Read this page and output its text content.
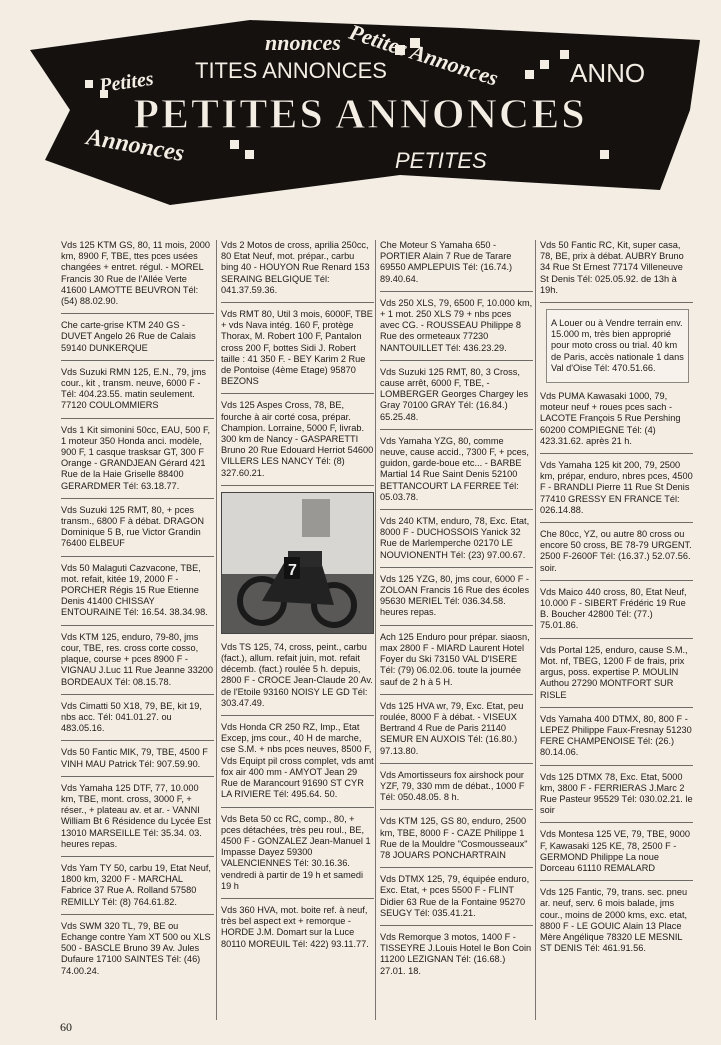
nnonces Petites Annonces
Petites TITES ANNONCES	ANNO
Annonces	PETITES
PETITES ANNONCES

Vds 125 KTM GS, 80, 11 mois, 2000 km, 8900 F, TBE, ttes pces usées changées + entret. régul. - MOREL Francis 30 Rue de l'Allée Verte 41600 LAMOTTE BEUVRON Tél: (54) 88.02.90.

Che carte-grise KTM 240 GS - DUVET Angelo 26 Rue de Calais 59140 DUNKERQUE

Vds Suzuki RMN 125, E.N., 79, jms cour., kit , transm. neuve, 6000 F - Tél: 404.23.55. matin seulement. 77120 COULOMMIERS

Vds 1 Kit simonini 50cc, EAU, 500 F, 1 moteur 350 Honda anci. modèle, 900 F, 1 casque trasksar GT, 300 F Orange - GRANDJEAN Gérard 421 Rue de la Haie Griselle 88400 GERARDMER Tél: 63.18.77.

Vds Suzuki 125 RMT, 80, + pces transm., 6800 F à débat. DRAGON Dominique 5 B, rue Victor Grandin 76400 ELBEUF

Vds 50 Malaguti Cazvacone, TBE, mot. refait, kitée 19, 2000 F - PORCHER Régis 15 Rue Etienne Denis 41400 CHISSAY ENTOURAINE Tél: 16.54. 38.34.98.

Vds KTM 125, enduro, 79-80, jms cour, TBE, res. cross corte cosso, plaque, course + pces 8900 F - VIGNAU J.Luc 11 Rue Jeanne 33200 BORDEAUX Tél: 08.15.78.

Vds Cimatti 50 X18, 79, BE, kit 19, nbs acc. Tél: 041.01.27. ou 483.05.16.

Vds 50 Fantic MIK, 79, TBE, 4500 F VINH MAU Patrick Tél: 907.59.90.

Vds Yamaha 125 DTF, 77, 10.000 km, TBE, mont. cross, 3000 F, + réser., + plateau av. et ar. - VANNI William Bt 6 Résidence du Lycée Est 13010 MARSEILLE Tél: 35.34. 03. heures repas.

Vds Yam TY 50, carbu 19, Etat Neuf, 1800 km, 3200 F - MARCHAL Fabrice 37 Rue A. Rolland 57580 REMILLY Tél: (8) 764.61.82.

Vds SWM 320 TL, 79, BE ou Echange contre Yam XT 500 ou XLS 500 - BASCLE Bruno 39 Av. Jules Dufaure 17100 SAINTES Tél: (46) 74.00.24.

Vds 2 Motos de cross, aprilia 250cc, 80 Etat Neuf, mot. prépar., carbu bing 40 - HOUYON Rue Renard 153 SERAING BELGIQUE Tél: 041.37.59.36.

Vds RMT 80, Util 3 mois, 6000F, TBE + vds Nava intég. 160 F, protège Thorax, M. Robert 100 F, Pantalon cross 200 F, bottes Sidi J. Robert taille : 41 350 F. - BEY Karim 2 Rue de Pontoise (4ème Etage) 95870 BEZONS

Vds 125 Aspes Cross, 78, BE, fourche à air corté cosa, prépar. Champion. Lorraine, 5000 F, livrab. 300 km de Nancy - GASPARETTI Bruno 20 Rue Edouard Herriot 54600 VILLERS LES NANCY Tél: (8) 327.60.21.

7

Vds TS 125, 74, cross, peint., carbu (fact.), allum. refait juin, mot. refait décemb. (fact.) roulée 5 h. depuis, 2800 F - CROCE Jean-Claude 20 Av. de l'Etoile 93160 NOISY LE GD Tél: 303.47.49.

Vds Honda CR 250 RZ, Imp., Etat Excep, jms cour., 40 H de marche, cse S.M. + nbs pces neuves, 8500 F, Vds Equipt pil cross complet, vds amt fox air 400 mm - AMYOT Jean 29 Rue de Marancourt 91690 ST CYR LA RIVIERE Tél: 495.64. 50.

Vds Beta 50 cc RC, comp., 80, + pces détachées, très peu roul., BE, 4500 F - GONZALEZ Jean-Manuel 1 Impasse Dayez 59300 VALENCIENNES Tél: 30.16.36. vendredi à partir de 19 h et samedi 19 h

Vds 360 HVA, mot. boite ref. à neuf, très bel aspect ext + remorque - HORDE J.M. Domart sur la Luce 80110 MOREUIL Tél: 422) 93.11.77.

Che Moteur S Yamaha 650 - PORTIER Alain 7 Rue de Tarare 69550 AMPLEPUIS Tél: (16.74.) 89.40.64.

Vds 250 XLS, 79, 6500 F, 10.000 km, + 1 mot. 250 XLS 79 + nbs pces avec CG. - ROUSSEAU Philippe 8 Rue des ormeteaux 77230 NANTOUILLET Tél: 436.23.29.

Vds Suzuki 125 RMT, 80, 3 Cross, cause arrêt, 6000 F, TBE, - LOMBERGER Georges Chargey les Gray 70100 GRAY Tél: (16.84.) 65.25.48.

Vds Yamaha YZG, 80, comme neuve, cause accid., 7300 F, + pces, guidon, garde-boue etc... - BARBE Martial 14 Rue Saint Denis 52100 BETTANCOURT LA FERREE Tél: 05.03.78.

Vds 240 KTM, enduro, 78, Exc. Etat, 8000 F - DUCHOSSOIS Yanick 32 Rue de Marlemperche 02170 LE NOUVIONENTH Tél: (23) 97.00.67.

Vds 125 YZG, 80, jms cour, 6000 F - ZOLOAN Francis 16 Rue des écoles 95630 MERIEL Tél: 036.34.58. heures repas.

Ach 125 Enduro pour prépar. siaosn, max 2800 F - MIARD Laurent Hotel Foyer du Ski 73150 VAL D'ISERE Tél: (79) 06.02.06. toute la journée sauf de 2 h à 5 H.

Vds 125 HVA wr, 79, Exc. Etat, peu roulée, 8000 F à débat. - VISEUX Bertrand 4 Rue de Paris 21140 SEMUR EN AUXOIS Tél: (16.80.) 97.13.80.

Vds Amortisseurs fox airshock pour YZF, 79, 330 mm de débat., 1000 F Tél: 050.48.05. 8 h.

Vds KTM 125, GS 80, enduro, 2500 km, TBE, 8000 F - CAZE Philippe 1 Rue de la Mouldre "Cosmousseaux" 78 JOUARS PONCHARTRAIN

Vds DTMX 125, 79, équipée enduro, Exc. Etat, + pces 5500 F - FLINT Didier 63 Rue de la Fontaine 95270 SEUGY Tél: 035.41.21.

Vds Remorque 3 motos, 1400 F - TISSEYRE J.Louis Hotel le Bon Coin 11200 LEZIGNAN Tél: (16.68.) 27.01. 18.

Vds 50 Fantic RC, Kit, super casa, 78, BE, prix à débat. AUBRY Bruno 34 Rue St Ernest 77174 Villeneuve St Denis Tél: 025.05.92. de 13h à 19h.

A Louer ou à Vendre terrain env. 15.000 m, très bien approprié pour moto cross ou trial. 40 km de Paris, accès nationale 1 dans Val d'Oise Tél: 470.51.66.

Vds PUMA Kawasaki 1000, 79, moteur neuf + roues pces sach - LACOTE François 5 Rue Pershing 60200 COMPIEGNE Tél: (4) 423.31.62. après 21 h.

Vds Yamaha 125 kit 200, 79, 2500 km, prépar, enduro, nbres pces, 4500 F - BRANDLI Pierre 11 Rue St Denis 77410 GRESSY EN FRANCE Tél: 026.14.88.

Che 80cc, YZ, ou autre 80 cross ou encore 50 cross, BE 78-79 URGENT. 2500 F-2600F Tél: (16.37.) 52.07.56. soir.

Vds Maico 440 cross, 80, Etat Neuf, 10.000 F - SIBERT Frédéric 19 Rue B. Boucher 42800 Tél: (77.) 75.01.86.

Vds Portal 125, enduro, cause S.M., Mot. nf, TBEG, 1200 F de frais, prix argus, poss. expertise P. MOULIN Authou 27290 MONTFORT SUR RISLE

Vds Yamaha 400 DTMX, 80, 800 F - LEPEZ Philippe Faux-Fresnay 51230 FERE CHAMPENOISE Tél: (26.) 80.14.06.

Vds 125 DTMX 78, Exc. Etat, 5000 km, 3800 F - FERRIERAS J.Marc 2 Rue Pasteur 95529 Tél: 030.02.21. le soir

Vds Montesa 125 VE, 79, TBE, 9000 F, Kawasaki 125 KE, 78, 2500 F - GERMOND Philippe La noue Dorceau 61110 REMALARD

Vds 125 Fantic, 79, trans. sec. pneu ar. neuf, serv. 6 mois balade, jms cour., moins de 2000 kms, exc. etat, 8800 F - LE GOUIC Alain 13 Place Mère Angélique 78320 LE MESNIL ST DENIS Tél: 461.91.56.

60
